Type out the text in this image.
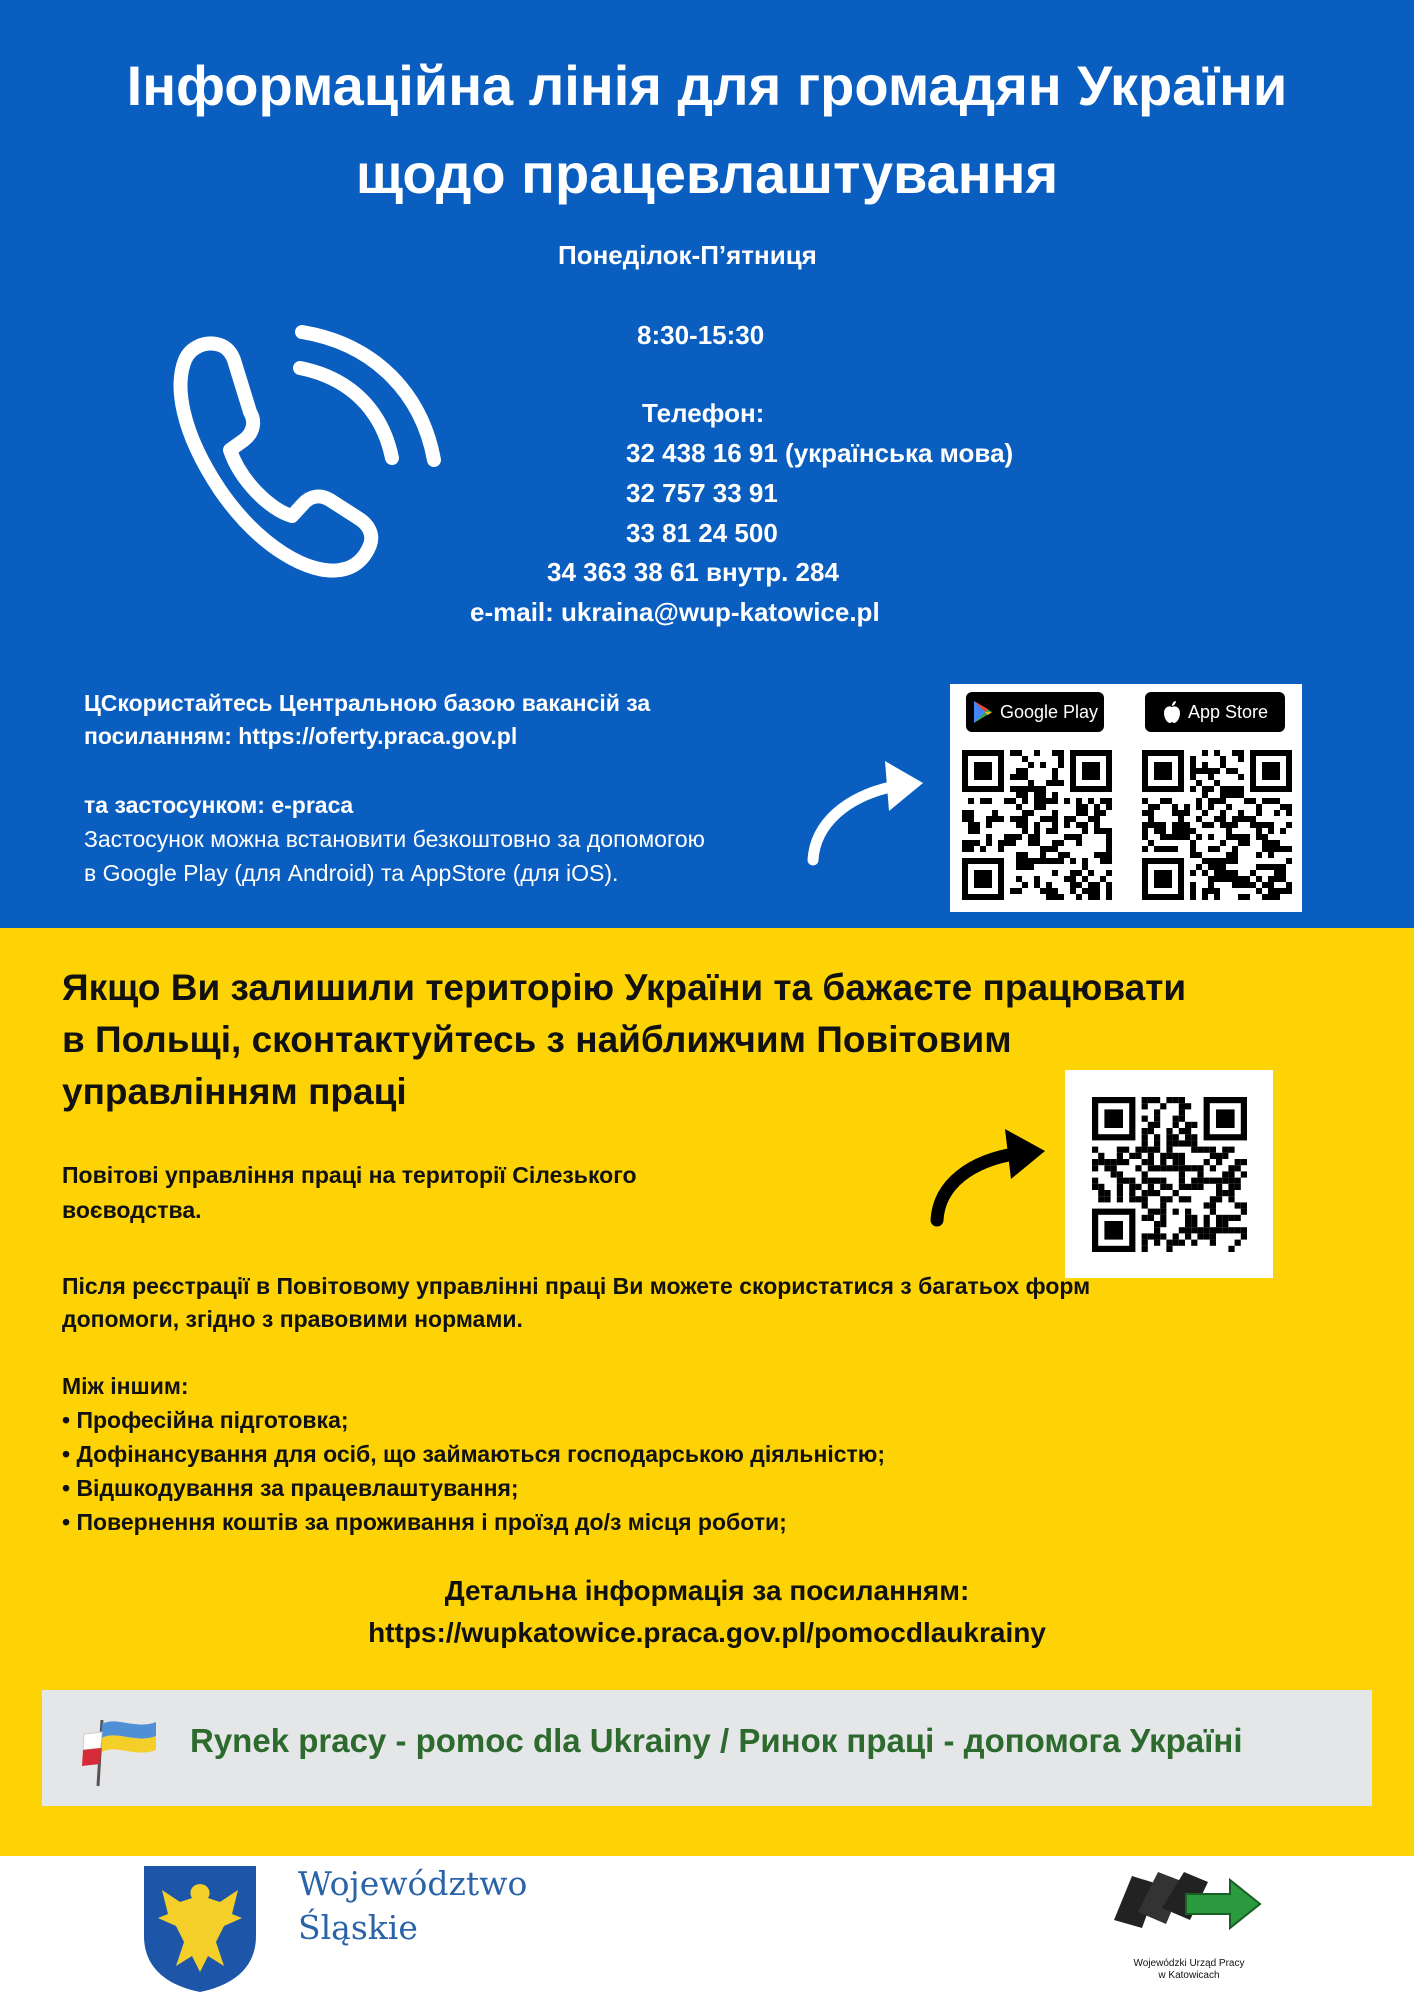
Інформаційна лінія для громадян України
щодо працевлаштування
Понеділок-П’ятниця
8:30-15:30
Телефон:
32 438 16 91 (українська мова)
32 757 33 91
33 81 24 500
34 363 38 61 внутр. 284
e-mail: ukraina@wup-katowice.pl
ЦСкористайтесь Центральною базою вакансій за
посиланням: https://oferty.praca.gov.pl
та застосунком: e-praca
Застосунок можна встановити безкоштовно за допомогою
в Google Play (для Android) та AppStore (для iOS).
Google Play	App Store
Якщо Ви залишили територію України та бажаєте працювати
в Польщі, сконтактуйтесь з найближчим Повітовим
управлінням праці
Повітові управління праці на території Сілезького
воєводства.
Після реєстрації в Повітовому управлінні праці Ви можете скористатися з багатьох форм
допомоги, згідно з правовими нормами.
Між іншим:
• Професійна підготовка;
• Дофінансування для осіб, що займаються господарською діяльністю;
• Відшкодування за працевлаштування;
• Повернення коштів за проживання і проїзд до/з місця роботи;
Детальна інформація за посиланням:
https://wupkatowice.praca.gov.pl/pomocdlaukrainy
Rynek pracy - pomoc dla Ukrainy / Ринок праці - допомога Україні
Województwo
Śląskie
Wojewódzki Urząd Pracy
w Katowicach
